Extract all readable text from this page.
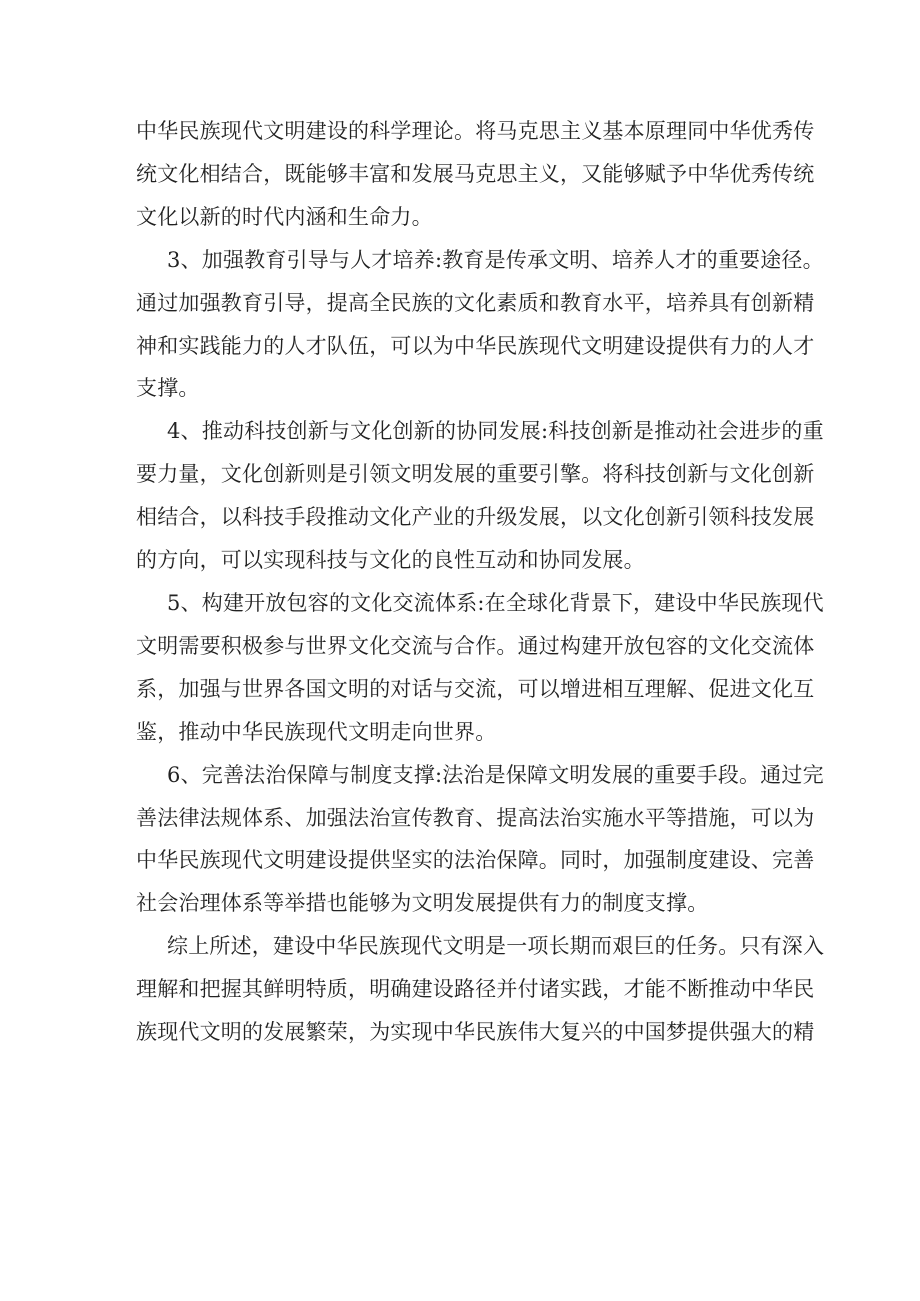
中华民族现代文明建设的科学理论。将马克思主义基本原理同中华优秀传
统文化相结合，既能够丰富和发展马克思主义，又能够赋予中华优秀传统
文化以新的时代内涵和生命力。
3、加强教育引导与人才培养:教育是传承文明、培养人才的重要途径。
通过加强教育引导，提高全民族的文化素质和教育水平，培养具有创新精
神和实践能力的人才队伍，可以为中华民族现代文明建设提供有力的人才
支撑。
4、推动科技创新与文化创新的协同发展:科技创新是推动社会进步的重
要力量，文化创新则是引领文明发展的重要引擎。将科技创新与文化创新
相结合，以科技手段推动文化产业的升级发展，以文化创新引领科技发展
的方向，可以实现科技与文化的良性互动和协同发展。
5、构建开放包容的文化交流体系:在全球化背景下，建设中华民族现代
文明需要积极参与世界文化交流与合作。通过构建开放包容的文化交流体
系，加强与世界各国文明的对话与交流，可以增进相互理解、促进文化互
鉴，推动中华民族现代文明走向世界。
6、完善法治保障与制度支撑:法治是保障文明发展的重要手段。通过完
善法律法规体系、加强法治宣传教育、提高法治实施水平等措施，可以为
中华民族现代文明建设提供坚实的法治保障。同时，加强制度建设、完善
社会治理体系等举措也能够为文明发展提供有力的制度支撑。
综上所述，建设中华民族现代文明是一项长期而艰巨的任务。只有深入
理解和把握其鲜明特质，明确建设路径并付诸实践，才能不断推动中华民
族现代文明的发展繁荣，为实现中华民族伟大复兴的中国梦提供强大的精
